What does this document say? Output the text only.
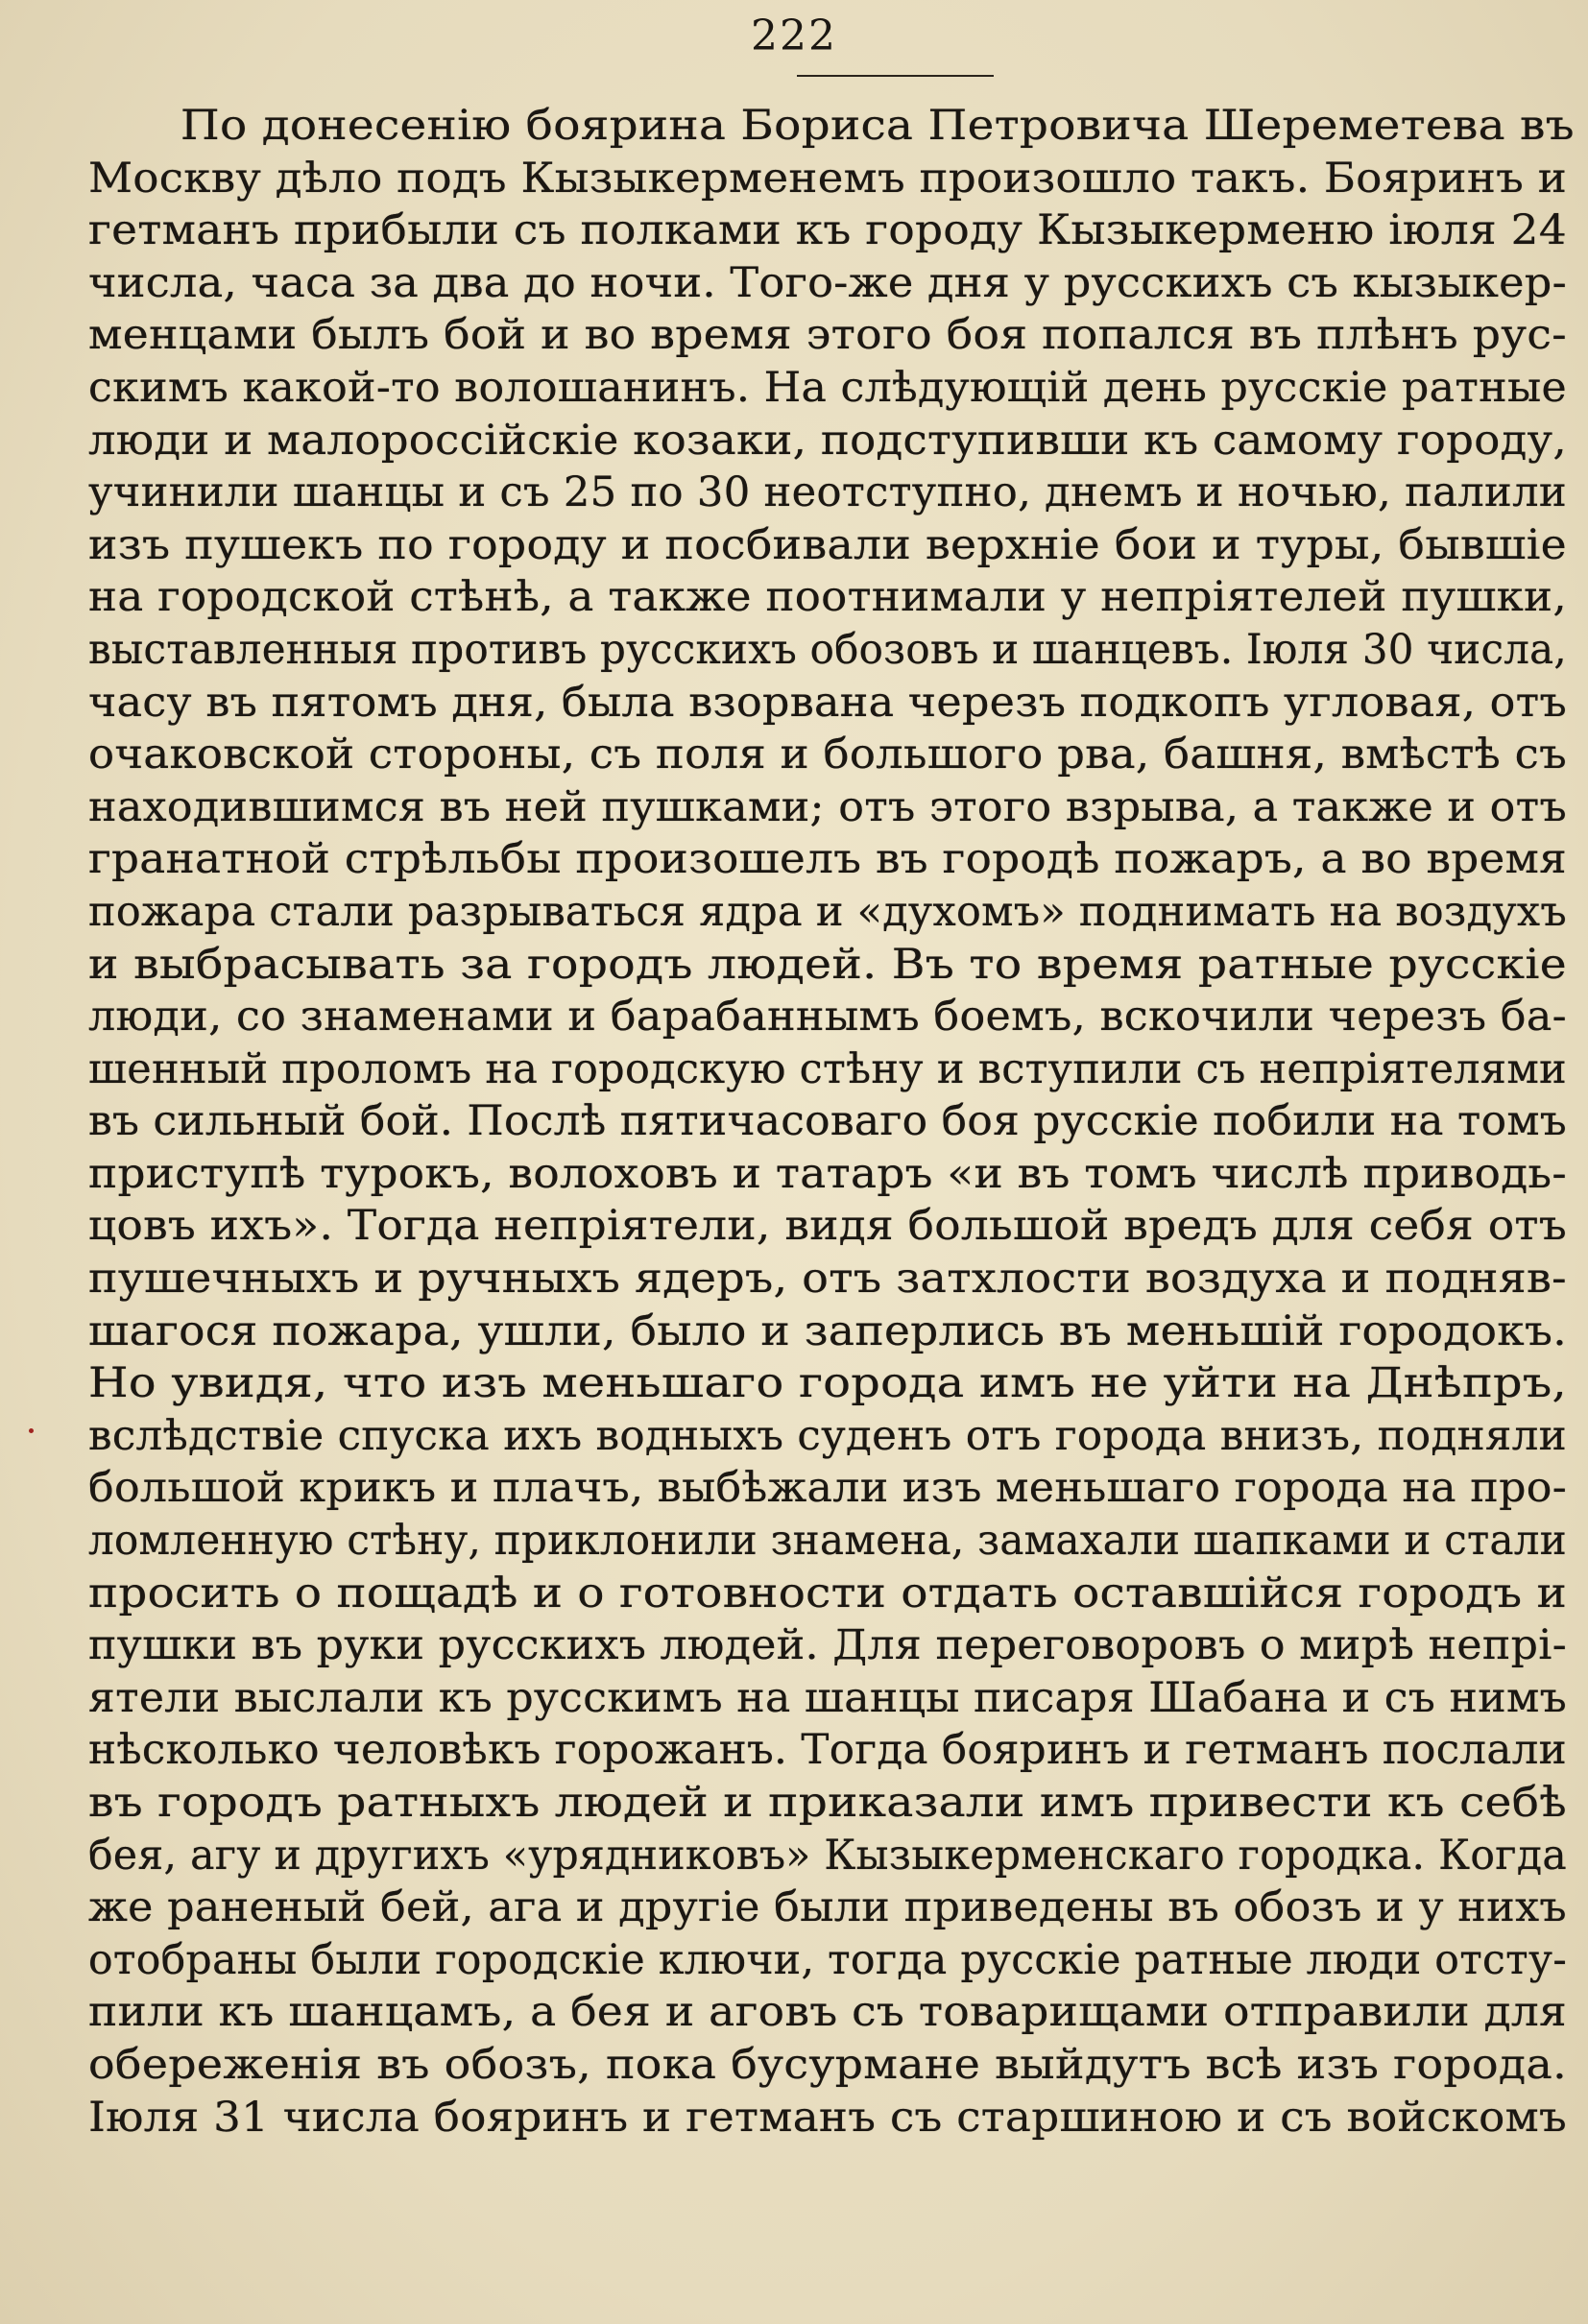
222
По донесенію боярина Бориса Петровича Шереметева въ
Москву дѣло подъ Кызыкерменемъ произошло такъ. Бояринъ и
гетманъ прибыли съ полками къ городу Кызыкермeню іюля 24
числа, часа за два до ночи. Того-же дня у русскихъ съ кызыкер-
менцами былъ бой и во время этого боя попался въ плѣнъ рус-
скимъ какой-то волошанинъ. На слѣдующій день русскіе ратные
люди и малороссійскіе козаки, подступивши къ самому городу,
учинили шанцы и съ 25 по 30 неотступно, днемъ и ночью, палили
изъ пушекъ по городу и посбивали верхніе бои и туры, бывшіе
на городской стѣнѣ, а также поотнимали у непріятелей пушки,
выставленныя противъ русскихъ обозовъ и шанцевъ. Іюля 30 числа,
часу въ пятомъ дня, была взорвана черезъ подкопъ угловая, отъ
очаковской стороны, съ поля и большого рва, башня, вмѣстѣ съ
находившимся въ ней пушками; отъ этого взрыва, а также и отъ
гранатной стрѣльбы произошелъ въ городѣ пожаръ, а во время
пожара стали разрываться ядра и «духомъ» поднимать на воздухъ
и выбрасывать за городъ людей. Въ то время ратные русскіе
люди, со знаменами и барабаннымъ боемъ, вскочили черезъ ба-
шенный проломъ на городскую стѣну и вступили съ непріятелями
въ сильный бой. Послѣ пятичасоваго боя русскіе побили на томъ
приступѣ турокъ, волоховъ и татаръ «и въ томъ числѣ приводь-
цовъ ихъ». Тогда непріятели, видя большой вредъ для себя отъ
пушечныхъ и ручныхъ ядеръ, отъ затхлости воздуха и подняв-
шагося пожара, ушли, было и заперлись въ меньшій городокъ.
Но увидя, что изъ меньшаго города имъ не уйти на Днѣпръ,
вслѣдствіе спуска ихъ водныхъ суденъ отъ города внизъ, подняли
большой крикъ и плачъ, выбѣжали изъ меньшаго города на про-
ломленную стѣну, приклонили знамена, замахали шапками и стали
просить о пощадѣ и о готовности отдать оставшійся городъ и
пушки въ руки русскихъ людей. Для переговоровъ о мирѣ непрі-
ятели выслали къ русскимъ на шанцы писаря Шабана и съ нимъ
нѣсколько человѣкъ горожанъ. Тогда бояринъ и гетманъ послали
въ городъ ратныхъ людей и приказали имъ привести къ себѣ
бея, агу и другихъ «урядниковъ» Кызыкерменскаго городка. Когда
же раненый бей, ага и другіе были приведены въ обозъ и у нихъ
отобраны были городскіе ключи, тогда русскіе ратные люди отсту-
пили къ шанцамъ, а бея и аговъ съ товарищами отправили для
обереженія въ обозъ, пока бусурмане выйдутъ всѣ изъ города.
Іюля 31 числа бояринъ и гетманъ съ старшиною и съ войскомъ
